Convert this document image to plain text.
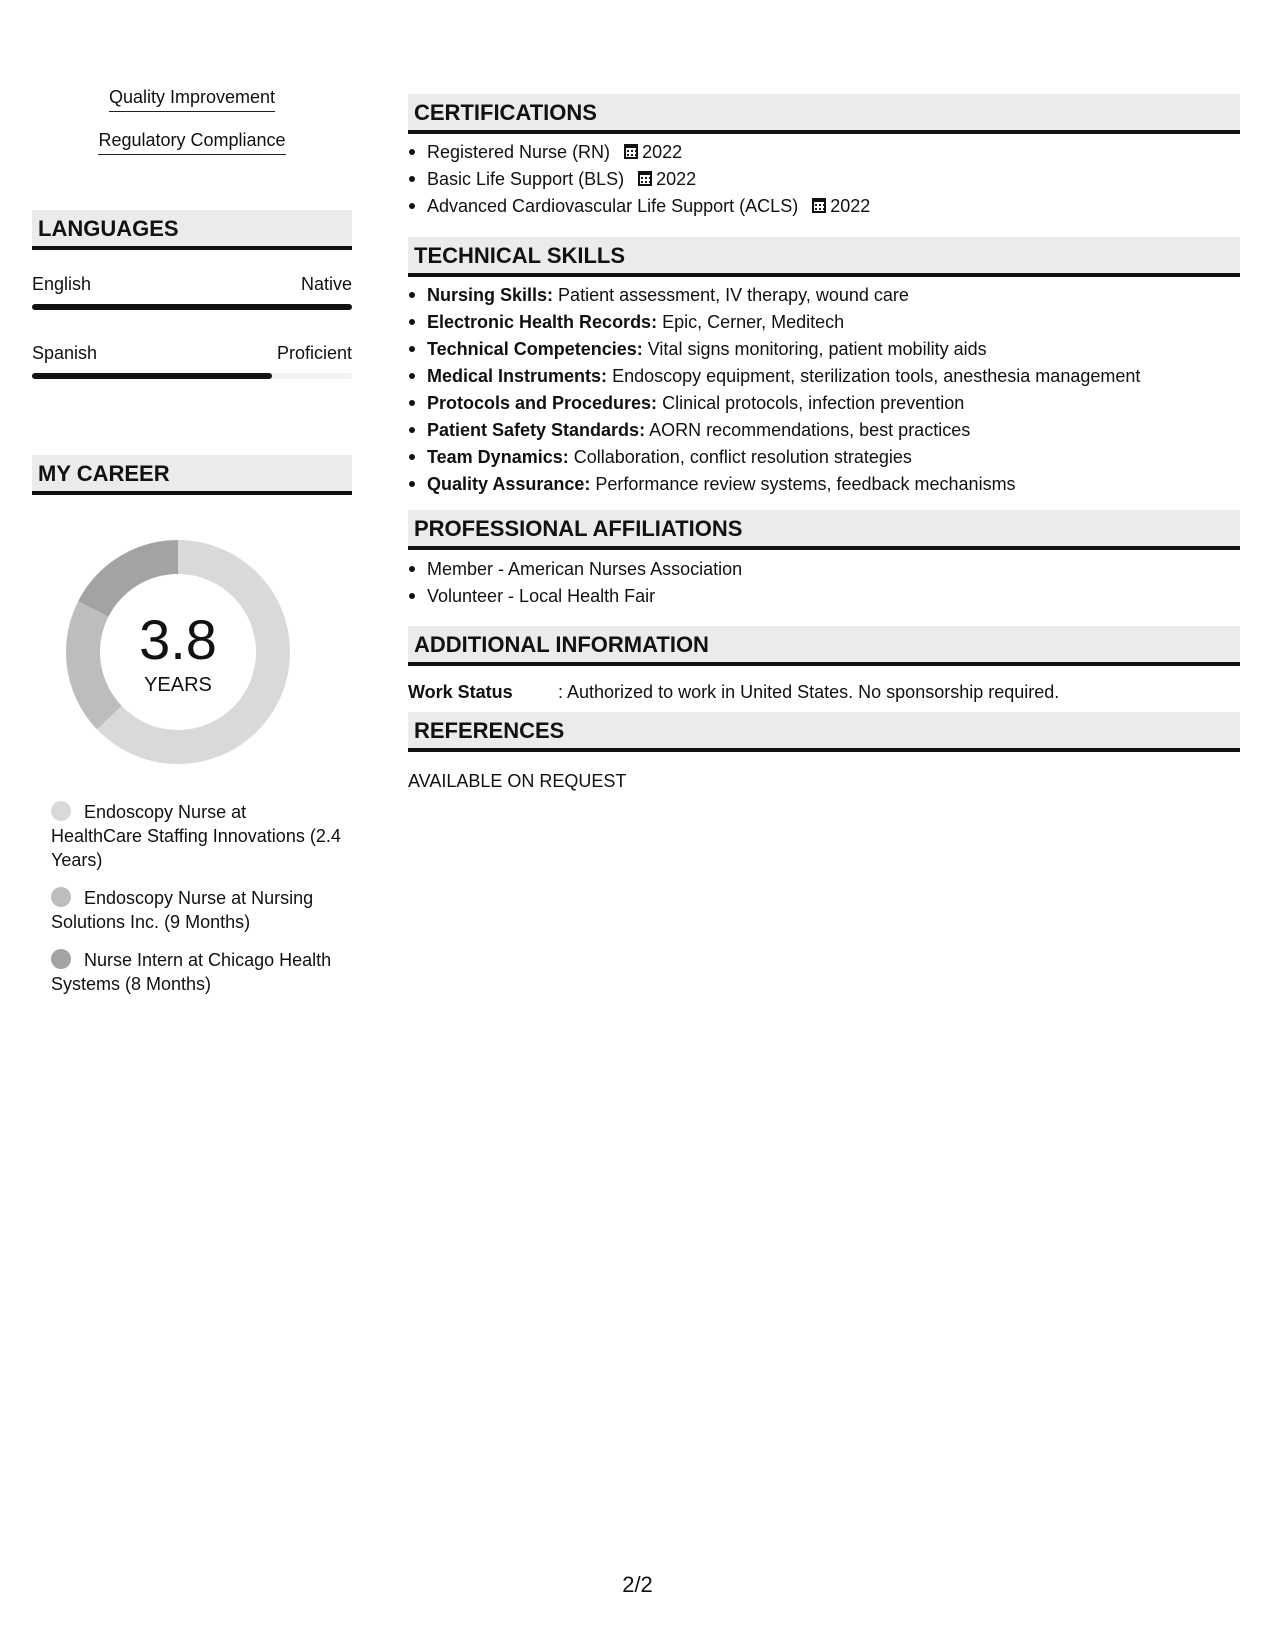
Quality Improvement
Regulatory Compliance
LANGUAGES
English	Native
Spanish	Proficient
MY CAREER
3.8
YEARS
Endoscopy Nurse at HealthCare Staffing Innovations (2.4 Years)
Endoscopy Nurse at Nursing Solutions Inc. (9 Months)
Nurse Intern at Chicago Health Systems (8 Months)
CERTIFICATIONS
Registered Nurse (RN) 2022
Basic Life Support (BLS) 2022
Advanced Cardiovascular Life Support (ACLS) 2022
TECHNICAL SKILLS
Nursing Skills: Patient assessment, IV therapy, wound care
Electronic Health Records: Epic, Cerner, Meditech
Technical Competencies: Vital signs monitoring, patient mobility aids
Medical Instruments: Endoscopy equipment, sterilization tools, anesthesia management
Protocols and Procedures: Clinical protocols, infection prevention
Patient Safety Standards: AORN recommendations, best practices
Team Dynamics: Collaboration, conflict resolution strategies
Quality Assurance: Performance review systems, feedback mechanisms
PROFESSIONAL AFFILIATIONS
Member - American Nurses Association
Volunteer - Local Health Fair
ADDITIONAL INFORMATION
Work Status	: Authorized to work in United States. No sponsorship required.
REFERENCES
AVAILABLE ON REQUEST
2/2
